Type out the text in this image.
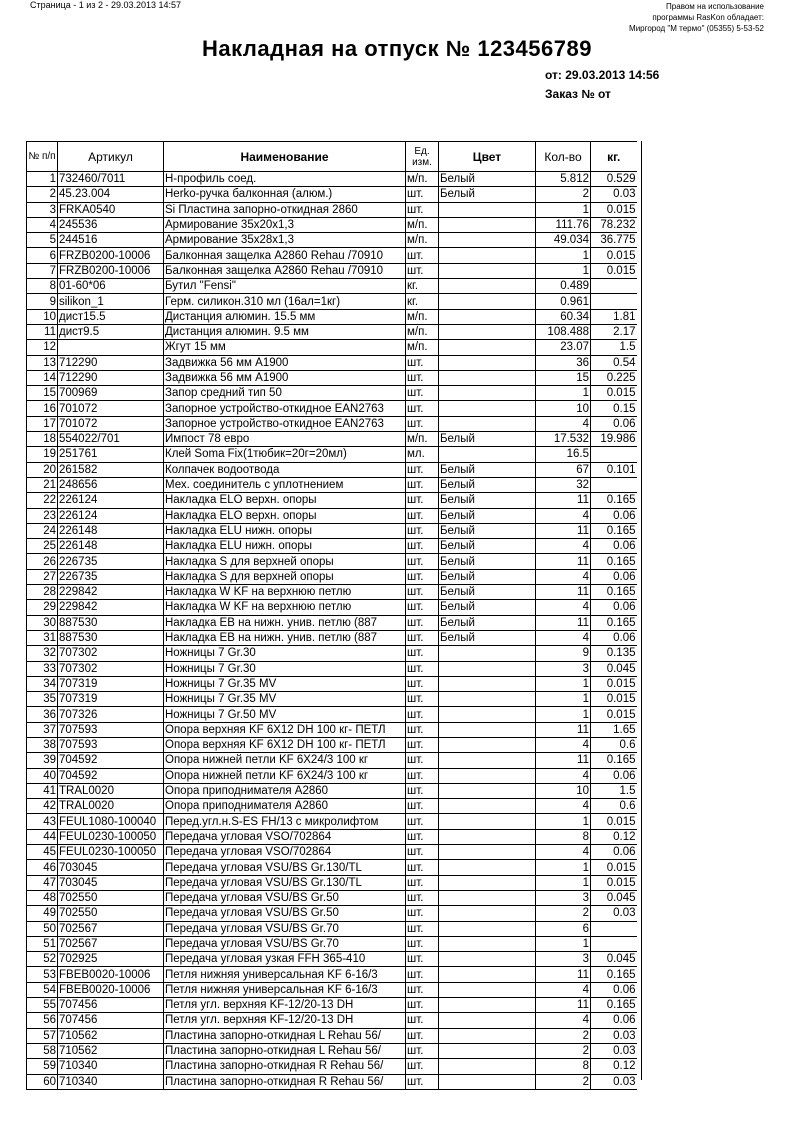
Страница - 1 из 2 - 29.03.2013 14:57	Правом на использование
программы RasKon обладает:
Миргород "М термо" (05355) 5-53-52
Накладная на отпуск № 123456789
от: 29.03.2013 14:56
Заказ № от
№ п/п	Артикул	Наименование	Ед. изм.	Цвет	Кол-во	кг.
1	732460/7011	Н-профиль соед.	м/п.	Белый	5.812	0.529
2	45.23.004	Herko-ручка балконная (алюм.)	шт.	Белый	2	0.03
3	FRKA0540	Si Пластина запорно-откидная 2860	шт.		1	0.015
4	245536	Армирование 35x20x1,3	м/п.		111.76	78.232
5	244516	Армирование 35x28x1,3	м/п.		49.034	36.775
6	FRZB0200-10006	Балконная защелка A2860 Rehau /70910	шт.		1	0.015
7	FRZB0200-10006	Балконная защелка A2860 Rehau /70910	шт.		1	0.015
8	01-60*06	Бутил "Fensi"	кг.		0.489	
9	silikon_1	Герм. силикон.310 мл (16ал=1кг)	кг.		0.961	
10	дист15.5	Дистанция алюмин. 15.5 мм	м/п.		60.34	1.81
11	дист9.5	Дистанция алюмин. 9.5 мм	м/п.		108.488	2.17
12		Жгут 15 мм	м/п.		23.07	1.5
13	712290	Задвижка 56 мм A1900	шт.		36	0.54
14	712290	Задвижка 56 мм A1900	шт.		15	0.225
15	700969	Запор средний тип 50	шт.		1	0.015
16	701072	Запорное устройство-откидное EAN2763	шт.		10	0.15
17	701072	Запорное устройство-откидное EAN2763	шт.		4	0.06
18	554022/701	Импост 78 евро	м/п.	Белый	17.532	19.986
19	251761	Клей Soma Fix(1тюбик=20г=20мл)	мл.		16.5	
20	261582	Колпачек водоотвода	шт.	Белый	67	0.101
21	248656	Мех. соединитель с уплотнением	шт.	Белый	32	
22	226124	Накладка ELO верхн. опоры	шт.	Белый	11	0.165
23	226124	Накладка ELO верхн. опоры	шт.	Белый	4	0.06
24	226148	Накладка ELU нижн. опоры	шт.	Белый	11	0.165
25	226148	Накладка ELU нижн. опоры	шт.	Белый	4	0.06
26	226735	Накладка S для верхней опоры	шт.	Белый	11	0.165
27	226735	Накладка S для верхней опоры	шт.	Белый	4	0.06
28	229842	Накладка W KF на верхнюю петлю	шт.	Белый	11	0.165
29	229842	Накладка W KF на верхнюю петлю	шт.	Белый	4	0.06
30	887530	Накладка EB на нижн. унив. петлю (887	шт.	Белый	11	0.165
31	887530	Накладка EB на нижн. унив. петлю (887	шт.	Белый	4	0.06
32	707302	Ножницы 7 Gr.30	шт.		9	0.135
33	707302	Ножницы 7 Gr.30	шт.		3	0.045
34	707319	Ножницы 7 Gr.35 MV	шт.		1	0.015
35	707319	Ножницы 7 Gr.35 MV	шт.		1	0.015
36	707326	Ножницы 7 Gr.50 MV	шт.		1	0.015
37	707593	Опора верхняя KF 6X12 DH 100 кг- ПЕТЛ	шт.		11	1.65
38	707593	Опора верхняя KF 6X12 DH 100 кг- ПЕТЛ	шт.		4	0.6
39	704592	Опора нижней петли KF 6X24/3 100 кг	шт.		11	0.165
40	704592	Опора нижней петли KF 6X24/3 100 кг	шт.		4	0.06
41	TRAL0020	Опора приподнимателя A2860	шт.		10	1.5
42	TRAL0020	Опора приподнимателя A2860	шт.		4	0.6
43	FEUL1080-100040	Перед.угл.н.S-ES FH/13 с микролифтом	шт.		1	0.015
44	FEUL0230-100050	Передача угловая VSO/702864	шт.		8	0.12
45	FEUL0230-100050	Передача угловая VSO/702864	шт.		4	0.06
46	703045	Передача угловая VSU/BS Gr.130/TL	шт.		1	0.015
47	703045	Передача угловая VSU/BS Gr.130/TL	шт.		1	0.015
48	702550	Передача угловая VSU/BS Gr.50	шт.		3	0.045
49	702550	Передача угловая VSU/BS Gr.50	шт.		2	0.03
50	702567	Передача угловая VSU/BS Gr.70	шт.		6	
51	702567	Передача угловая VSU/BS Gr.70	шт.		1	
52	702925	Передача угловая узкая FFH 365-410	шт.		3	0.045
53	FBEB0020-10006	Петля нижняя универсальная KF 6-16/3	шт.		11	0.165
54	FBEB0020-10006	Петля нижняя универсальная KF 6-16/3	шт.		4	0.06
55	707456	Петля угл. верхняя KF-12/20-13 DH	шт.		11	0.165
56	707456	Петля угл. верхняя KF-12/20-13 DH	шт.		4	0.06
57	710562	Пластина запорно-откидная L Rehau 56/	шт.		2	0.03
58	710562	Пластина запорно-откидная L Rehau 56/	шт.		2	0.03
59	710340	Пластина запорно-откидная R Rehau 56/	шт.		8	0.12
60	710340	Пластина запорно-откидная R Rehau 56/	шт.		2	0.03
